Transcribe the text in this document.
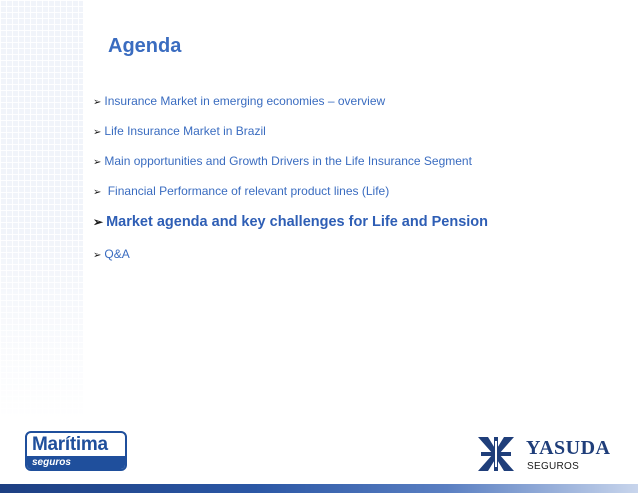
Agenda
➢ Insurance Market in emerging economies – overview
➢ Life Insurance Market in Brazil
➢ Main opportunities and Growth Drivers in the Life Insurance Segment
➢ Financial Performance of relevant product lines (Life)
➢ Market agenda and key challenges for Life and Pension
➢ Q&A
Marítima
seguros
YASUDA
SEGUROS
